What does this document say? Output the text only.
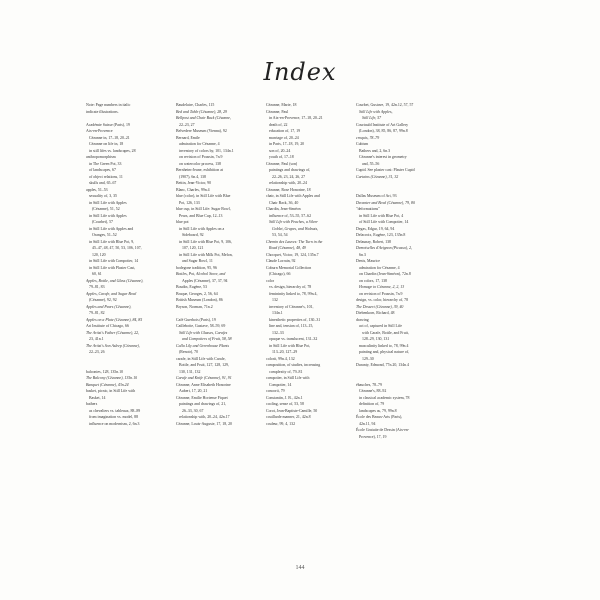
Index
Note: Page numbers in italic
indicate illustrations.
Académie Suisse (Paris), 19
Aix-en-Provence
Cézanne in, 17–18, 20–21
Cézanne on life in, 18
in still lifes vs. landscapes, 28
anthropomorphism
in The Green Pot, 33
of landscapes, 67
of object relations, 11
skulls and, 65–67
apples, 51–53
sexuality of, 3, 35
in Still Life with Apples
(Cézanne), 51, 52
in Still Life with Apples
(Courbet), 57
in Still Life with Apples and
Oranges, 51–52
in Still Life with Blue Pot, 9,
45–47, 48, 47, 50, 53, 106, 107,
120, 120
in Still Life with Compotier, 14
in Still Life with Plaster Cast,
60, 61
Apples, Bottle, and Glass (Cézanne),
79–81, 83
Apples, Carafe, and Sugar Bowl
(Cézanne), 92, 92
Apples and Pears (Cézanne),
79–81, 82
Apples on a Plate (Cézanne), 84, 85
Art Institute of Chicago, 66
The Artist's Father (Cézanne), 22,
23, 41n.1
The Artist's Son Asleep (Cézanne),
22–23, 26
balconies, 128, 135n.10
The Balcony (Cézanne), 135n.10
Banquet (Cézanne), 43n.24
basket, picnic, in Still Life with
Basket, 14
bathers
as chevaliers vs. tableaux, 88–89
from imagination vs. model, 88
influence on modernism, 2, 6n.3
Baudelaire, Charles, 115
Bed and Table (Cézanne), 28, 29
Bellpost and Chair Back (Cézanne,
22–23, 27
Belvedere Museum (Vienna), 92
Bernard, Emile
admiration for Cézanne, 4
inventory of colors by, 101, 134n.1
on revision of Poussin, 7n.9
on watercolor process, 138
Bernheim-Jeune, exhibition at
(1907), 6n.4, 138
Bettin, Jean-Victor, 90
Blanc, Charles, 99n.4
blue (color), in Still Life with Blue
Pot, 126, 133
blue cup, in Still Life: Sugar Bowl,
Pears, and Blue Cup, 12–13
blue pot
in Still Life with Apples on a
Sideboard, 92
in Still Life with Blue Pot, 9, 106,
107, 120, 121
in Still Life with Milk Pot, Melon,
and Sugar Bowl, 11
bodegone tradition, 95, 96
Bottles, Pot, Alcohol Stove, and
Apples (Cézanne), 37, 37, 94
Boudin, Eugène, 53
Braque, Georges, 2, 56, 64
British Museum (London), 86
Bryson, Norman, 71n.2
Café Guerbois (Paris), 19
Caillebotte, Gustave, 58–59, 69
Still Life with Glasses, Carafes
and Compotiers of Fruit, 58, 58
Calla Lily and Greenhouse Plants
(Renoir), 70
carafe, in Still Life with Carafe,
Bottle, and Fruit, 127, 128, 129,
130, 131, 132
Carafe and Knife (Cézanne), 91, 91
Cézanne, Anne Elisabeth Honorine
Aubert, 17, 20, 21
Cézanne, Emilie Hortense Fiquet
paintings and drawings of, 21,
26–33, 30, 67
relationship with, 20–24, 42n.17
Cézanne, Louis-Auguste, 17, 18, 20
Cézanne, Marie, 18
Cézanne, Paul
in Aix-en-Provence, 17–18, 20–21
death of, 22
education of, 17, 19
marriage of, 20–24
in Paris, 17–18, 19, 20
son of, 20–24
youth of, 17–18
Cézanne, Paul (son)
paintings and drawings of,
22–26, 23, 24, 26, 27
relationship with, 20–24
Cézanne, Rose Honorine, 18
chair, in Still Life with Apples and
Chair Back, 36, 40
Chardin, Jean-Siméon
influence of, 53–55, 57–62
Still Life with Peaches, a Silver
Goblet, Grapes, and Walnuts,
53, 54, 54
Chemin des Lauves: The Turn in the
Road (Cézanne), 48, 49
Chocquet, Victor, 19, 124, 135n.7
Claude Lorrain, 92
Coburn Memorial Collection
(Chicago), 66
color
vs. design, hierarchy of, 78
femininity linked to, 78, 99n.4,
132
inventory of Cézanne's, 101,
134n.1
kinesthetic properties of, 130–31
line and, tension of, 113–15,
132–33
opaque vs. translucent, 131–32
in Still Life with Blue Pot,
113–20, 127–29
colorit, 99n.4, 132
composition, of studies, increasing
complexity of, 79–81
compotier, in Still Life with
Compotier, 14
concorti, 79
Constantin, J. B., 42n.1
cooling, sense of, 53, 58
Corot, Jean-Baptiste-Camille, 50
couillarde manner, 21, 42n.8
couleur, 99, 4, 132
Courbet, Gustave, 19, 42n.12, 57, 57
Still Life with Apples,
Still Life, 57
Courtauld Institute of Art Gallery
(London), 38, 85, 86, 87, 99n.8
croquis, 78–79
Cubism
Bathers and, 2, 6n.3
Cézanne's interest in geometry
and, 55–56
Cupid. See plaster cast: Plaster Cupid
Curtains (Cézanne), 31, 32
Dallas Museum of Art, 93
Decanter and Bowl (Cézanne), 79, 80
"deformations"
in Still Life with Blue Pot, 4
of Still Life with Compotier, 14
Degas, Edgar, 19, 64, 94
Delacroix, Eugène, 123, 135n.8
Delaunay, Robert, 138
Demoiselles d'Avignon (Picasso), 2,
6n.3
Denis, Maurice
admiration for Cézanne, 4
on Chardin (Jean-Siméon), 72n.8
on colors, 17, 138
Homage to Cézanne, 2, 2, 13
on revision of Poussin, 7n.9
design, vs. color, hierarchy of, 78
The Dessert (Cézanne), 39, 40
Diebenkorn, Richard, 48
drawing
act of, captured in Still Life
with Carafe, Bottle, and Fruit,
128–29, 130, 131
masculinity linked to, 78, 99n.4
painting and, physical nature of,
129–30
Duranty, Edmond, 77n.20, 134n.4
ébauches, 78–79
Cézanne's, 88–92
in classical academic system, 78
definition of, 79
landscapes as, 79, 99n.8
École des Beaux-Arts (Paris),
42n.11, 94
École Gratuite de Dessin (Aix-en-
Provence), 17, 19
144
